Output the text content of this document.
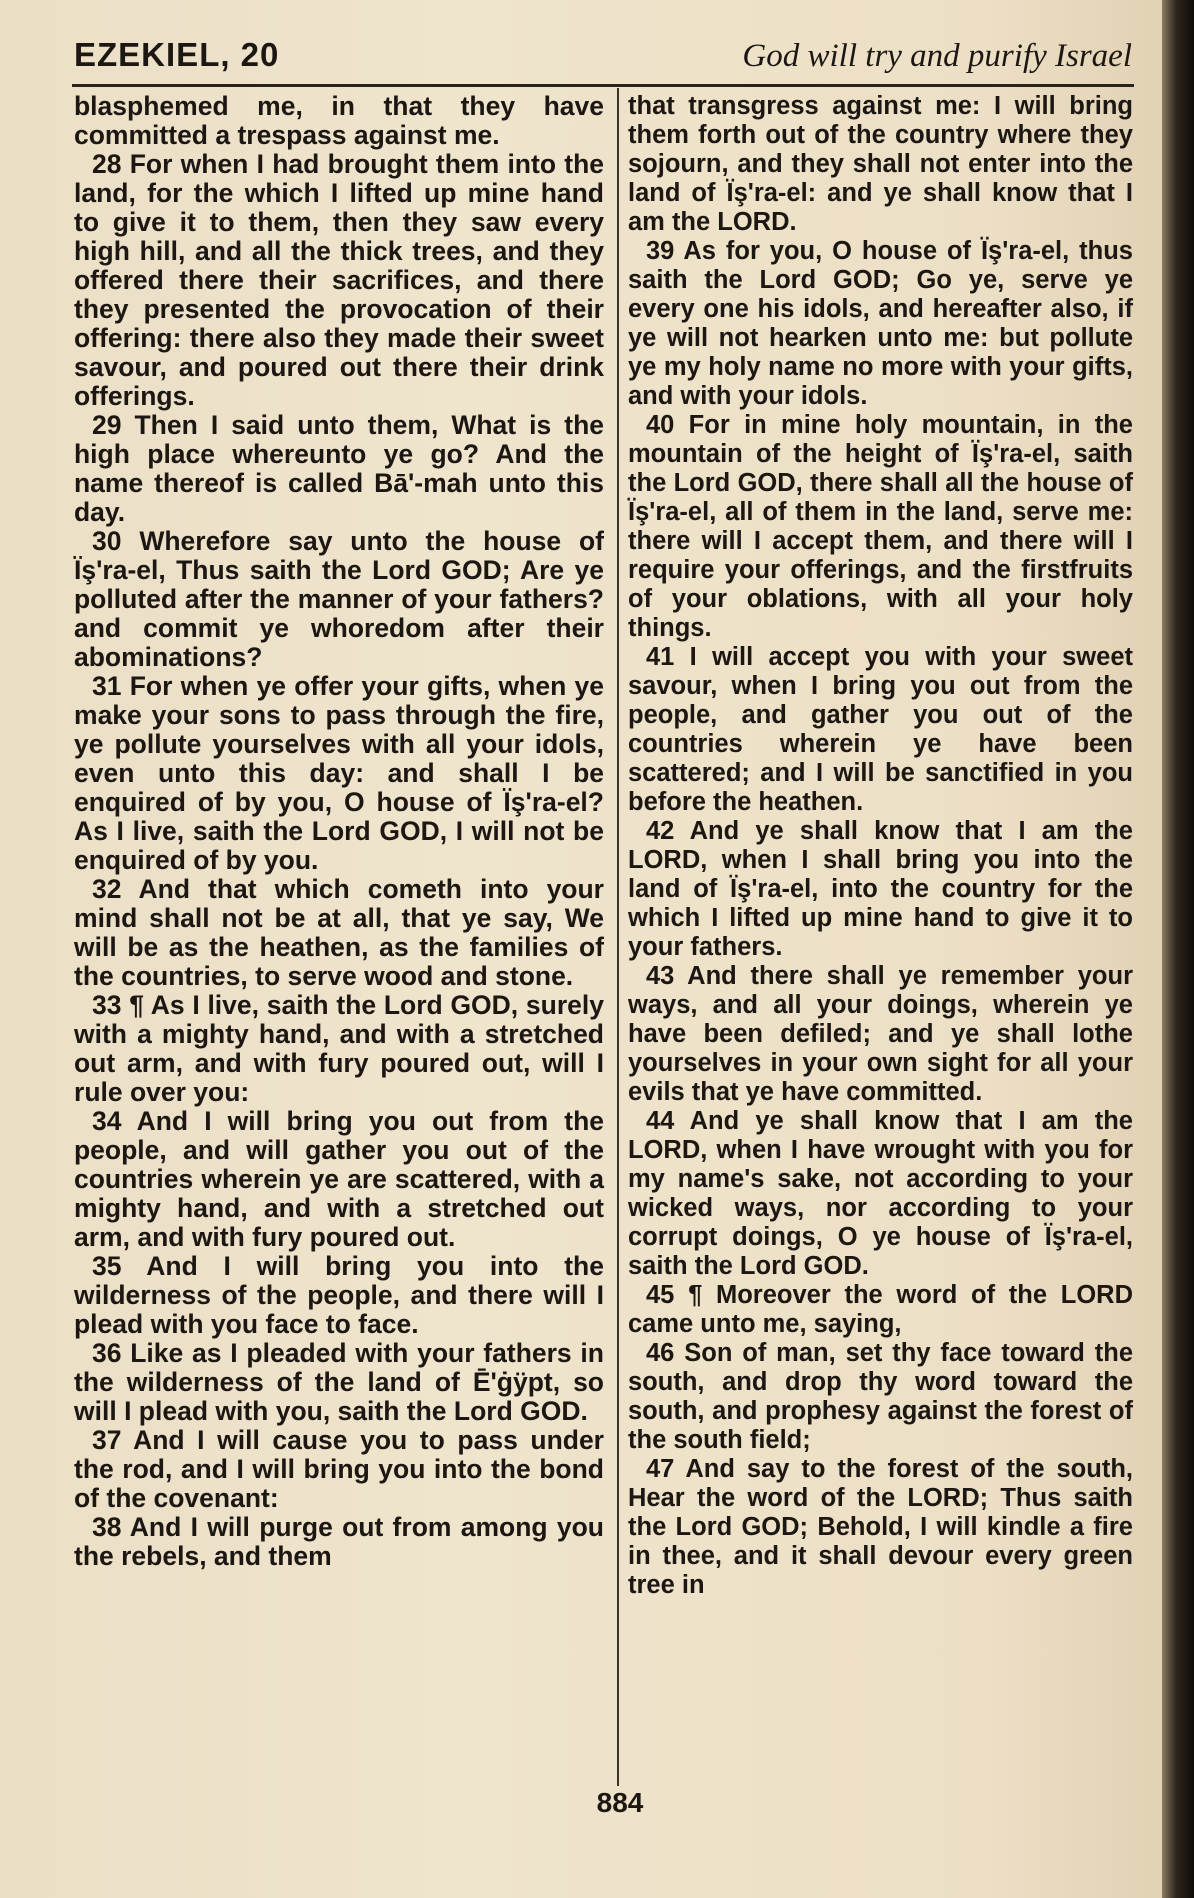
EZEKIEL, 20	God will try and purify Israel

blasphemed me, in that they have committed a trespass against me.

28 For when I had brought them into the land, for the which I lifted up mine hand to give it to them, then they saw every high hill, and all the thick trees, and they offered there their sacrifices, and there they presented the provocation of their offering: there also they made their sweet savour, and poured out there their drink offerings.

29 Then I said unto them, What is the high place whereunto ye go? And the name thereof is called Bā'-mah unto this day.

30 Wherefore say unto the house of Ïş'ra-el, Thus saith the Lord GOD; Are ye polluted after the manner of your fathers? and commit ye whoredom after their abominations?

31 For when ye offer your gifts, when ye make your sons to pass through the fire, ye pollute yourselves with all your idols, even unto this day: and shall I be enquired of by you, O house of Ïş'ra-el? As I live, saith the Lord GOD, I will not be enquired of by you.

32 And that which cometh into your mind shall not be at all, that ye say, We will be as the heathen, as the families of the countries, to serve wood and stone.

33 ¶ As I live, saith the Lord GOD, surely with a mighty hand, and with a stretched out arm, and with fury poured out, will I rule over you:

34 And I will bring you out from the people, and will gather you out of the countries wherein ye are scattered, with a mighty hand, and with a stretched out arm, and with fury poured out.

35 And I will bring you into the wilderness of the people, and there will I plead with you face to face.

36 Like as I pleaded with your fathers in the wilderness of the land of Ē'ġÿpt, so will I plead with you, saith the Lord GOD.

37 And I will cause you to pass under the rod, and I will bring you into the bond of the covenant:

38 And I will purge out from among you the rebels, and them

that transgress against me: I will bring them forth out of the country where they sojourn, and they shall not enter into the land of Ïş'ra-el: and ye shall know that I am the LORD.

39 As for you, O house of Ïş'ra-el, thus saith the Lord GOD; Go ye, serve ye every one his idols, and hereafter also, if ye will not hearken unto me: but pollute ye my holy name no more with your gifts, and with your idols.

40 For in mine holy mountain, in the mountain of the height of Ïş'ra-el, saith the Lord GOD, there shall all the house of Ïş'ra-el, all of them in the land, serve me: there will I accept them, and there will I require your offerings, and the firstfruits of your oblations, with all your holy things.

41 I will accept you with your sweet savour, when I bring you out from the people, and gather you out of the countries wherein ye have been scattered; and I will be sanctified in you before the heathen.

42 And ye shall know that I am the LORD, when I shall bring you into the land of Ïş'ra-el, into the country for the which I lifted up mine hand to give it to your fathers.

43 And there shall ye remember your ways, and all your doings, wherein ye have been defiled; and ye shall lothe yourselves in your own sight for all your evils that ye have committed.

44 And ye shall know that I am the LORD, when I have wrought with you for my name's sake, not according to your wicked ways, nor according to your corrupt doings, O ye house of Ïş'ra-el, saith the Lord GOD.

45 ¶ Moreover the word of the LORD came unto me, saying,

46 Son of man, set thy face toward the south, and drop thy word toward the south, and prophesy against the forest of the south field;

47 And say to the forest of the south, Hear the word of the LORD; Thus saith the Lord GOD; Behold, I will kindle a fire in thee, and it shall devour every green tree in

884
